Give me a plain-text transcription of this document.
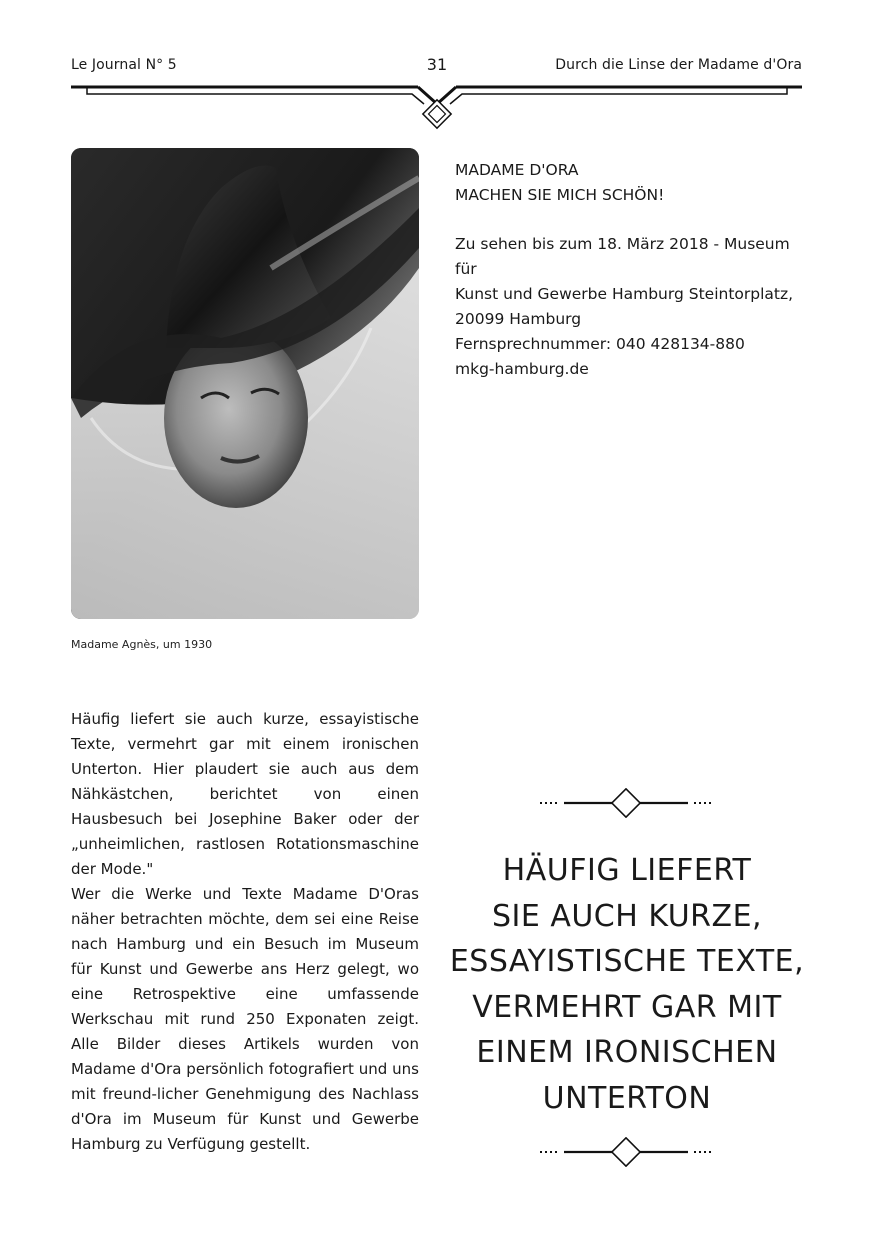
Le Journal N° 5	31	Durch die Linse der Madame d'Ora
Madame Agnès, um 1930
MADAME D'ORA
MACHEN SIE MICH SCHÖN!
Zu sehen bis zum 18. März 2018 - Museum für
Kunst und Gewerbe Hamburg Steintorplatz,
20099 Hamburg
Fernsprechnummer: 040 428134-880
mkg-hamburg.de
Häufig liefert sie auch kurze, essayistische Texte, vermehrt gar mit einem ironischen Unterton. Hier plaudert sie auch aus dem Nähkästchen, berichtet von einen Hausbesuch bei Josephine Baker oder der „unheimlichen, rastlosen Rotationsmaschine der Mode."
Wer die Werke und Texte Madame D'Oras näher betrachten möchte, dem sei eine Reise nach Hamburg und ein Besuch im Museum für Kunst und Gewerbe ans Herz gelegt, wo eine Retrospektive eine umfassende Werkschau mit rund 250 Exponaten zeigt. Alle Bilder dieses Artikels wurden von Madame d'Ora persönlich fotografiert und uns mit freund-licher Genehmigung des Nachlass d'Ora im Museum für Kunst und Gewerbe Hamburg zu Verfügung gestellt.
HÄUFIG LIEFERT
SIE AUCH KURZE,
ESSAYISTISCHE TEXTE,
VERMEHRT GAR MIT
EINEM IRONISCHEN
UNTERTON
